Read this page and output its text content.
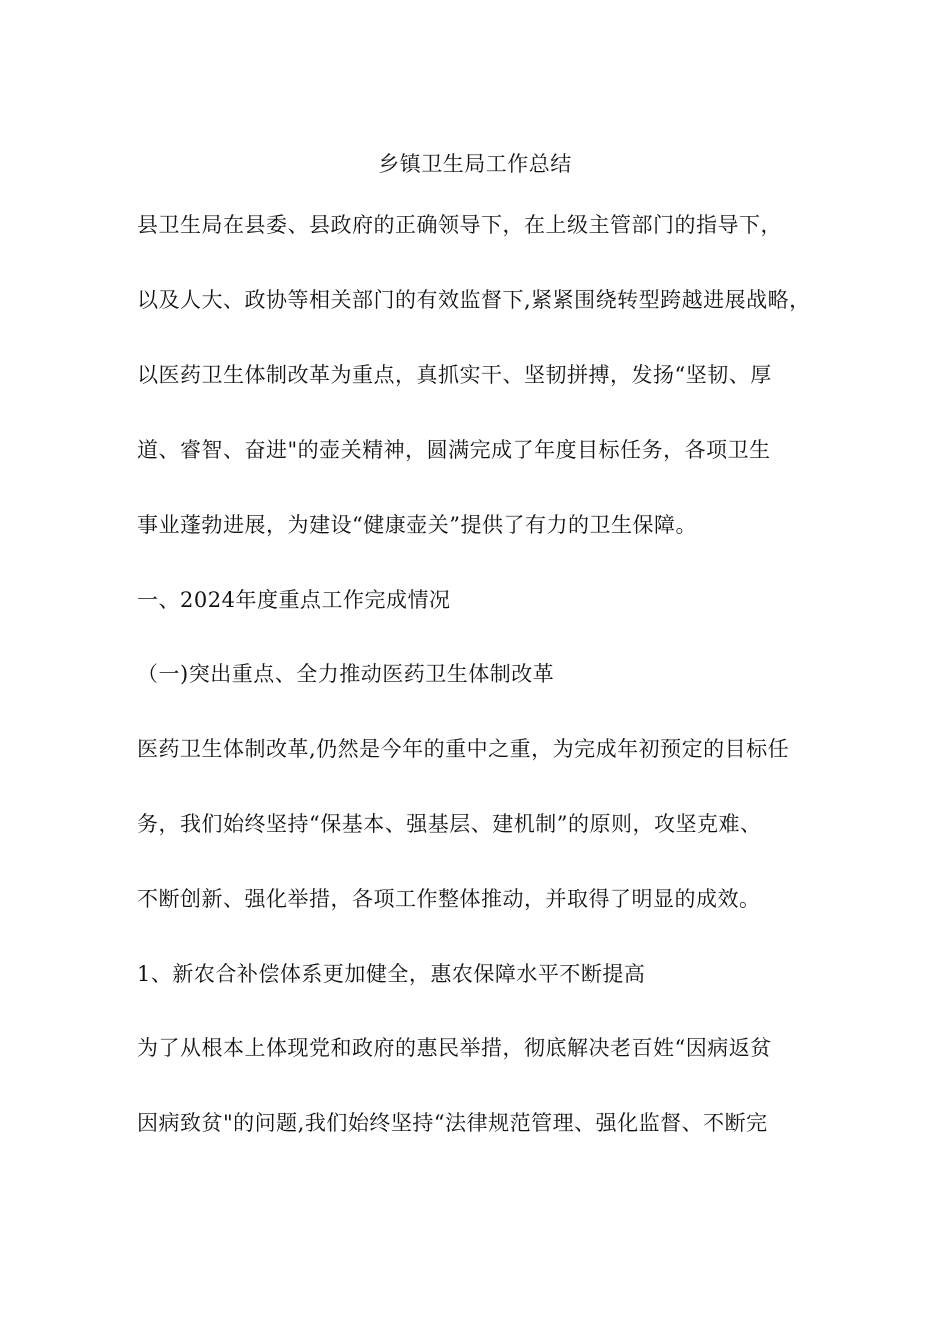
乡镇卫生局工作总结
县卫生局在县委、县政府的正确领导下，在上级主管部门的指导下，
以及人大、政协等相关部门的有效监督下,紧紧围绕转型跨越进展战略，
以医药卫生体制改革为重点，真抓实干、坚韧拼搏，发扬“坚韧、厚
道、睿智、奋进"的壶关精神，圆满完成了年度目标任务，各项卫生
事业蓬勃进展，为建设“健康壶关”提供了有力的卫生保障。
一、2024年度重点工作完成情况
（一)突出重点、全力推动医药卫生体制改革
医药卫生体制改革,仍然是今年的重中之重，为完成年初预定的目标任
务，我们始终坚持“保基本、强基层、建机制”的原则，攻坚克难、
不断创新、强化举措，各项工作整体推动，并取得了明显的成效。
1、新农合补偿体系更加健全，惠农保障水平不断提高
为了从根本上体现党和政府的惠民举措，彻底解决老百姓“因病返贫
因病致贫"的问题,我们始终坚持“法律规范管理、强化监督、不断完
